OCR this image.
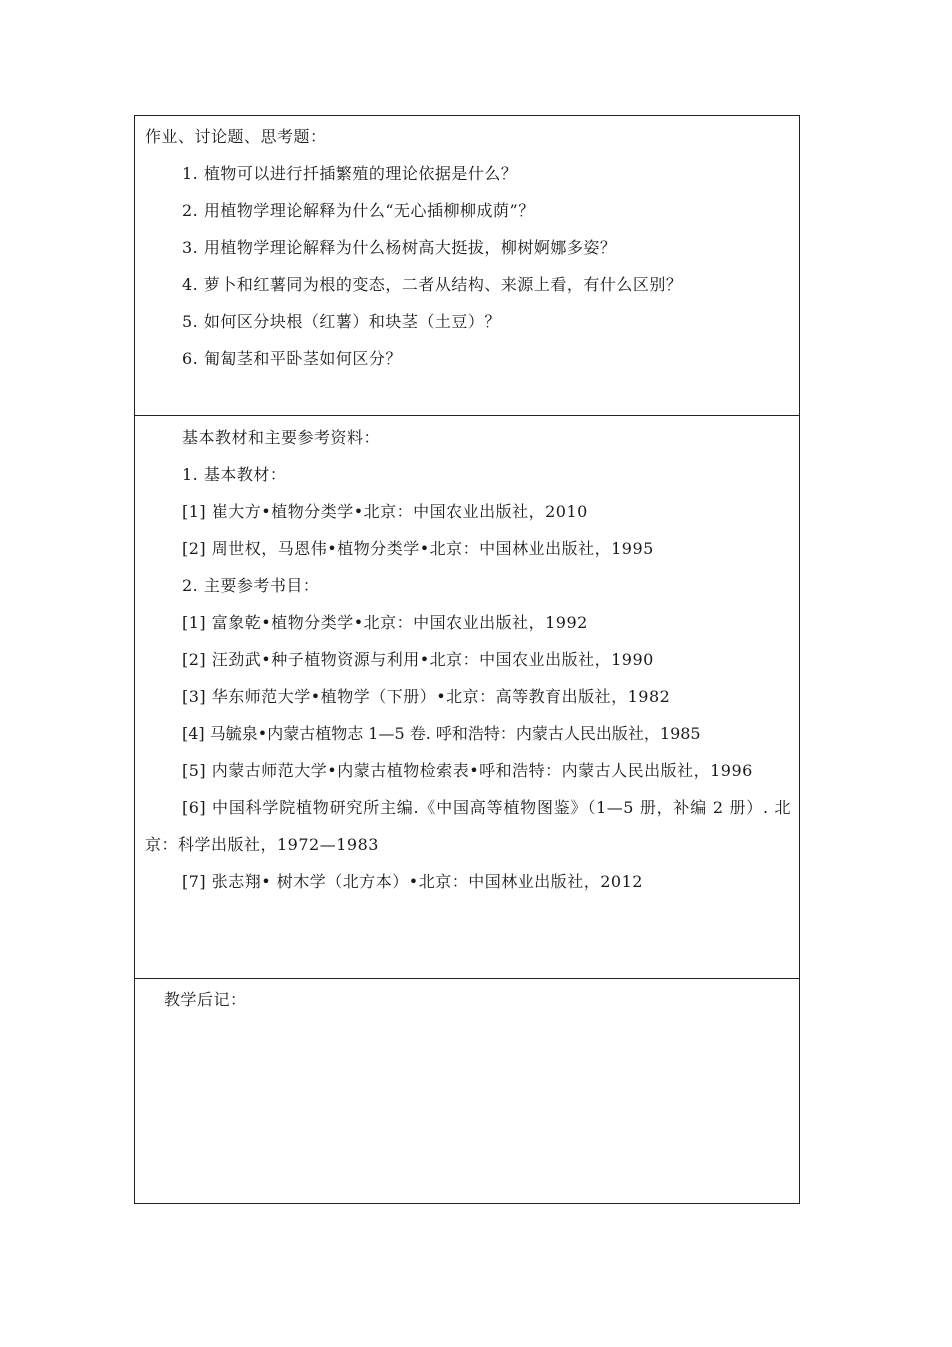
作业、讨论题、思考题：
1. 植物可以进行扦插繁殖的理论依据是什么？
2. 用植物学理论解释为什么“无心插柳柳成荫”？
3. 用植物学理论解释为什么杨树高大挺拔，柳树婀娜多姿？
4. 萝卜和红薯同为根的变态，二者从结构、来源上看，有什么区别？
5. 如何区分块根（红薯）和块茎（土豆）？
6. 匍匐茎和平卧茎如何区分？
基本教材和主要参考资料：
1. 基本教材：
[1] 崔大方•植物分类学•北京：中国农业出版社，2010
[2] 周世权，马恩伟•植物分类学•北京：中国林业出版社，1995
2. 主要参考书目：
[1] 富象乾•植物分类学•北京：中国农业出版社，1992
[2] 汪劲武•种子植物资源与利用•北京：中国农业出版社，1990
[3] 华东师范大学•植物学（下册）•北京：高等教育出版社，1982
[4] 马毓泉•内蒙古植物志 1—5 卷. 呼和浩特：内蒙古人民出版社，1985
[5] 内蒙古师范大学•内蒙古植物检索表•呼和浩特：内蒙古人民出版社，1996
[6] 中国科学院植物研究所主编.《中国高等植物图鉴》（1—5 册，补编 2 册）. 北京：科学出版社，1972—1983
[7] 张志翔• 树木学（北方本）•北京：中国林业出版社，2012
教学后记：
